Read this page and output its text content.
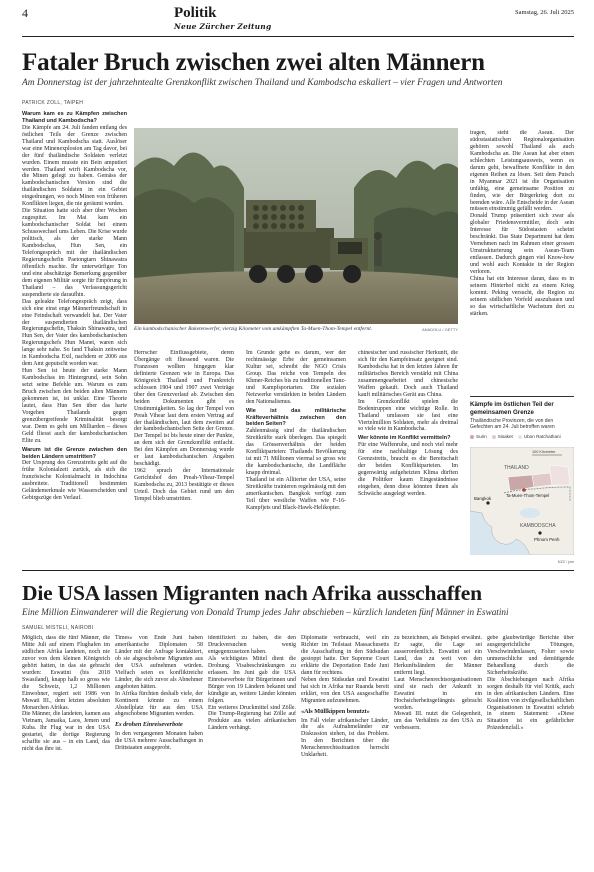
4	Politik
Neue Zürcher Zeitung
Samstag, 26. Juli 2025
Fataler Bruch zwischen zwei alten Männern
Am Donnerstag ist der jahrzehntealte Grenzkonflikt zwischen Thailand und Kambodscha eskaliert – vier Fragen und Antworten
PATRICK ZOLL, TAIPEH

Warum kam es zu Kämpfen zwischen Thailand und Kambodscha?

Die Kämpfe am 24. Juli fanden entlang des östlichen Teils der Grenze zwischen Thailand und Kambodscha statt. Auslöser war eine Minenexplosion am Tag davor, bei der fünf thailändische Soldaten verletzt wurden. Einem musste ein Bein amputiert werden. Thailand wirft Kambodscha vor, die Minen gelegt zu haben. Gemäss der kambodschanischen Version sind die thailändischen Soldaten in ein Gebiet eingedrungen, wo noch Minen von früheren Konflikten liegen, die nie geräumt wurden.

Die Situation hatte sich aber über Wochen zugespitzt. Im Mai kam ein kambodschanischer Soldat bei einem Schusswechsel ums Leben. Die Krise wurde politisch, als der starke Mann Kambodschas, Hun Sen, ein Telefongespräch mit der thailändischen Regierungschefin Paetongtarn Shinawatra öffentlich machte. Ihr unterwürfiger Ton und eine abschätzige Bemerkung gegenüber dem eigenen Militär sorgte für Empörung in Thailand – das Verfassungsgericht suspendierte sie daraufhin.

Das geleakte Telefongespräch zeigt, dass sich eine einst enge Männerfreundschaft in eine Feindschaft verwandelt hat. Der Vater der suspendierten thailändischen Regierungschefin, Thaksin Shinawatra, und Hun Sen, der Vater des kambodschanischen Regierungschefs Hun Manet, waren sich lange sehr nahe. So fand Thaksin zeitweise in Kambodscha Exil, nachdem er 2006 aus dem Amt geputscht worden war.

Hun Sen ist heute der starke Mann Kambodschas im Hintergrund, sein Sohn setzt seine Befehle um. Warum es zum Bruch zwischen den beiden alten Männern gekommen ist, ist unklar. Eine Theorie lautet, dass Hun Sen über das harte Vorgehen Thailands gegen grenzübergreifende Kriminalität besorgt war. Denn es geht um Milliarden – dieses Geld fliesst auch der kambodschanischen Elite zu.

Warum ist die Grenze zwischen den beiden Ländern umstritten?

Der Ursprung des Grenzstreits geht auf die frühe Kolonialzeit zurück, als sich die französische Kolonialmacht in Indochina ausbreitete. Traditionell bestimmten Geländemerkmale wie Wasserscheiden und Gebirgszüge den Verlauf.

Ein kambodschanischer Raketenwerfer, vierzig Kilometer vom umkämpften Ta-Muen-Thom-Tempel entfernt.	ANADOLU / GETTY

Herrscher Einflussgebiete, deren Übergänge oft fliessend waren. Die Franzosen wollten hingegen klar definierte Grenzen wie in Europa. Das Königreich Thailand und Frankreich schlossen 1904 und 1907 zwei Verträge über den Grenzverlauf ab. Zwischen den beiden Dokumenten gibt es Unstimmigkeiten. So lag der Tempel von Preah Vihear laut dem ersten Vertrag auf der thailändischen, laut dem zweiten auf der kambodschanischen Seite der Grenze. Der Tempel ist bis heute einer der Punkte, an dem sich der Grenzkonflikt entfacht. Bei den Kämpfen am Donnerstag wurde er laut kambodschanischen Angaben beschädigt.

1962 sprach der Internationale Gerichtshof den Preah-Vihear-Tempel Kambodscha zu, 2013 bestätigte er dieses Urteil. Doch das Gebiet rund um den Tempel blieb umstritten.

Im Grunde gehe es darum, wer der rechtmässige Erbe der gemeinsamen Kultur sei, schreibt die NGO Crisis Group. Das reiche von Tempeln des Khmer-Reiches bis zu traditionellen Tanz- und Kampfsportarten. Die sozialen Netzwerke verstärkten in beiden Ländern den Nationalismus.

Wie ist das militärische Kräfteverhältnis zwischen den beiden Seiten?

Zahlenmässig sind die thailändischen Streitkräfte stark überlegen. Das spiegelt das Grössenverhältnis der beiden Konfliktparteien: Thailands Bevölkerung ist mit 71 Millionen viermal so gross wie die kambodschanische, die Landfläche knapp dreimal.

Thailand ist ein Alliierter der USA, seine Streitkräfte trainieren regelmässig mit den amerikanischen. Bangkok verfügt zum Teil über westliche Waffen wie F-16-Kampfjets und Black-Hawk-Helikopter.

chinesischer und russischer Herkunft, die sich für den Kampfeinsatz geeignet sind. Kambodscha hat in den letzten Jahren ihr militärisches Bereich verstärkt mit China zusammengearbeitet und chinesische Waffen gekauft. Doch auch Thailand kauft militärisches Gerät aus China.

Im Grenzkonflikt spielen die Bodentruppen eine wichtige Rolle. In Thailand umfassen sie fast eine Viertelmillion Soldaten, mehr als dreimal so viele wie in Kambodscha.

Wer könnte im Konflikt vermitteln?

Für eine Waffenruhe, und noch viel mehr für eine nachhaltige Lösung des Grenzstreits, braucht es die Bereitschaft der beiden Konfliktparteien. Im gegenwärtig aufgeheizten Klima dürften die Politiker kaum Eingeständnisse eingehen, denn diese könnten ihnen als Schwäche ausgelegt werden.

tragen, steht die Asean. Der südostasiatischen Regionalorganisation gehören sowohl Thailand als auch Kambodscha an. Die Asean hat aber einen schlechten Leistungsausweis, wenn es darum geht, bewaffnete Konflikte in den eigenen Reihen zu lösen. Seit dem Putsch in Myanmar 2021 ist die Organisation unfähig, eine gemeinsame Position zu finden, wie der Bürgerkrieg dort zu beenden wäre. Alle Entscheide in der Asean müssen einstimmig gefällt werden.

Donald Trump präsentiert sich zwar als globaler Friedensvermittler, doch sein Interesse für Südostasien scheint beschränkt. Das State Department hat dem Vernehmen nach im Rahmen einer grossen Umstrukturierung sein Asean-Team entlassen. Dadurch gingen viel Know-how und wohl auch Kontakte in der Region verloren.

China hat ein Interesse daran, dass es in seinem Hinterhof nicht zu einem Krieg kommt. Peking versucht, die Region zu seinem südlichen Vorfeld auszubauen und so das wirtschaftliche Wachstum dort zu stärken.

Kämpfe im östlichen Teil der gemeinsamen Grenze
Thailändische Provinzen, die von den Gefechten am 24. Juli betroffen waren
Surin	Sisaket	Ubon Ratchathani
THAILAND
KAMBODSCHA
Bangkok
Ta-Muen-Thom-Tempel
Phnom Penh
100 Kilometer
NZZ / jwe
Die USA lassen Migranten nach Afrika ausschaffen
Eine Million Einwanderer will die Regierung von Donald Trump jedes Jahr abschieben – kürzlich landeten fünf Männer in Eswatini
SAMUEL MISTELI, NAIROBI

Möglich, dass die fünf Männer, die Mitte Juli auf einem Flughafen im südlichen Afrika landeten, noch nie zuvor von dem kleinen Königreich gehört hatten, in das sie gebracht wurden: Eswatini (bis 2018 Swasiland), knapp halb so gross wie die Schweiz, 1,2 Millionen Einwohner, regiert seit 1986 von Mswati III., dem letzten absoluten Monarchen Afrikas.

Die Männer, die landeten, kamen aus Vietnam, Jamaika, Laos, Jemen und Kuba. Ihr Flug war in den USA gestartet, die dortige Regierung schaffte sie aus – in ein Land, das nicht das ihre ist.

Times» von Ende Juni haben amerikanische Diplomaten 58 Länder mit der Anfrage kontaktiert, ob sie abgeschobene Migranten aus den USA aufnehmen würden. Vielfach seien es konfliktreiche Länder, die sich zuvor als Abnehmer angeboten hätten.

In Afrika fürchten deshalb viele, der Kontinent könnte zu einem Abstellplatz für aus den USA abgeschobene Migranten werden.

Es drohen Einreiseverbote

In den vergangenen Monaten haben die USA mehrere Ausschaffungen in Drittstaaten ausgeprobt.

identifiziert zu haben, die den Druckversuchen wenig entgegenzusetzen haben.

Als wichtigstes Mittel dient die Drohung. Visabeschränkungen zu erlassen. Im Juni gab die USA Einreiseverbote für Bürgerinnen und Bürger von 19 Ländern bekannt und kündigte an, weitere Länder könnten folgen.

Ein weiteres Druckmittel sind Zölle. Die Trump-Regierung hat Zölle auf Produkte aus vielen afrikanischen Ländern verhängt.

Diplomatie verbraucht, weil ein Richter im Teilstaat Massachusetts die Ausschaffung in den Südsudan gestoppt hatte. Der Supreme Court erklärte die Deportation Ende Juni dann für rechtens.

Neben dem Südsudan und Eswatini hat sich in Afrika nur Ruanda bereit erklärt, von den USA ausgeschaffte Migranten aufzunehmen.

«Als Müllkippen benutzt»

Im Fall vieler afrikanischer Länder, die als Aufnahmeländer zur Diskussion stehen, ist das Problem. In den Berichten über die Menschenrechtssituation herrscht Unklarheit.

zu bezeichnen, als Beispiel erwähnt. Er sagte, die Lage sei ausserordentlich. Eswatini sei ein Land, das zu weit von den Herkunftsländern der Männer entfernt liegt.

Laut Menschenrechtsorganisationen sind sie nach der Ankunft in Eswatini in ein Hochsicherheitsgefängnis gebracht worden.

Mswati III. nutzt die Gelegenheit, um das Verhältnis zu den USA zu verbessern.

gebe glaubwürdige Berichte über ausgergerichtliche Tötungen, Verschwindenlassen, Folter sowie unmenschliche und demütigende Behandlung durch die Sicherheitskräfte.

Die Abschiebungen nach Afrika sorgen deshalb für viel Kritik, auch in den afrikanischen Ländern. Eine Koalition von zivilgesellschaftlichen Organisationen in Eswatini schrieb in einem Statement: «Diese Situation ist ein gefährlicher Präzedenzfall.»
